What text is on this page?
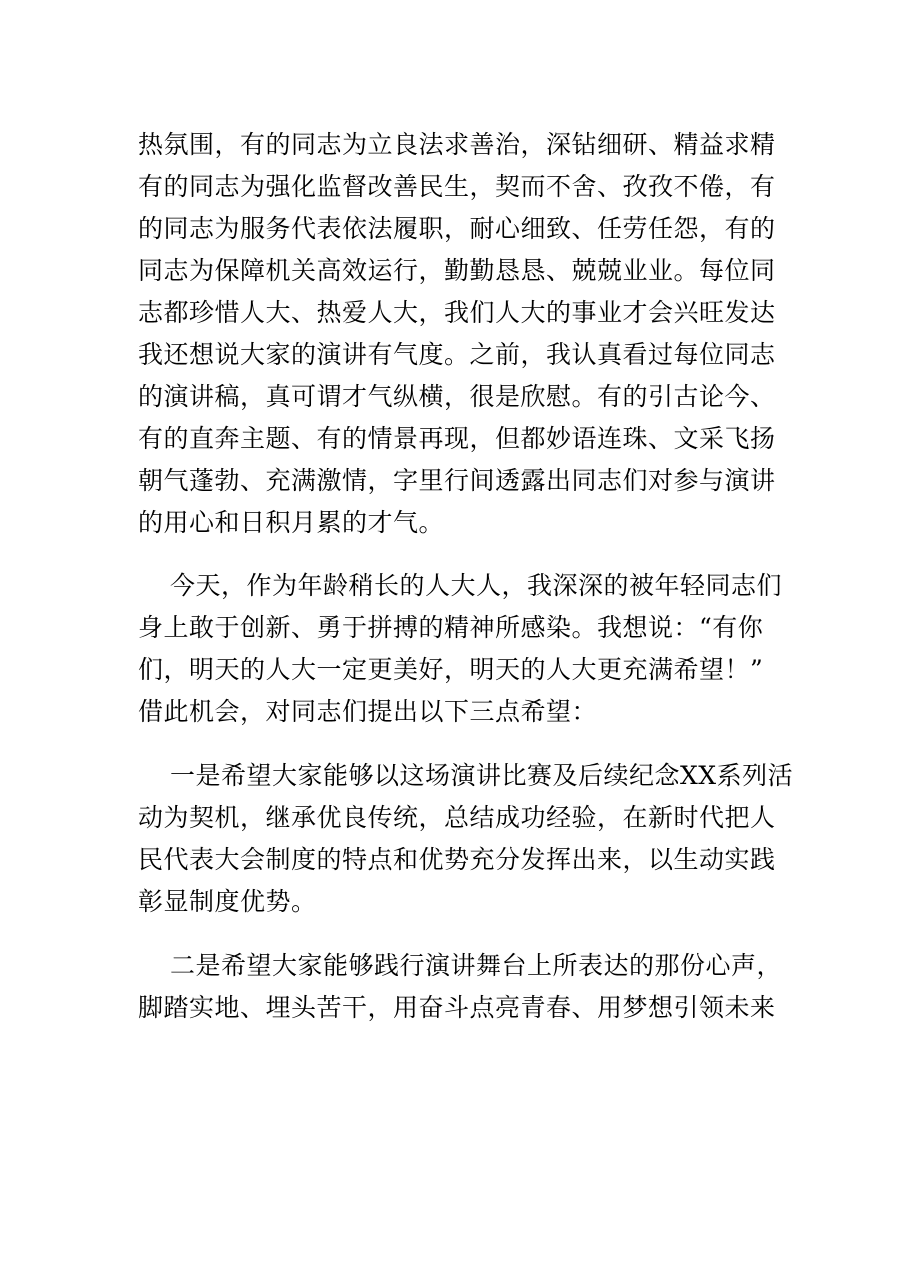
热氛围，有的同志为立良法求善治，深钻细研、精益求精
有的同志为强化监督改善民生，契而不舍、孜孜不倦，有
的同志为服务代表依法履职，耐心细致、任劳任怨，有的
同志为保障机关高效运行，勤勤恳恳、兢兢业业。每位同
志都珍惜人大、热爱人大，我们人大的事业才会兴旺发达
我还想说大家的演讲有气度。之前，我认真看过每位同志
的演讲稿，真可谓才气纵横，很是欣慰。有的引古论今、
有的直奔主题、有的情景再现，但都妙语连珠、文采飞扬
朝气蓬勃、充满激情，字里行间透露出同志们对参与演讲
的用心和日积月累的才气。
今天，作为年龄稍长的人大人，我深深的被年轻同志们
身上敢于创新、勇于拼搏的精神所感染。我想说：“有你
们，明天的人大一定更美好，明天的人大更充满希望！”
借此机会，对同志们提出以下三点希望：
一是希望大家能够以这场演讲比赛及后续纪念XX系列活
动为契机，继承优良传统，总结成功经验，在新时代把人
民代表大会制度的特点和优势充分发挥出来，以生动实践
彰显制度优势。
二是希望大家能够践行演讲舞台上所表达的那份心声，
脚踏实地、埋头苦干，用奋斗点亮青春、用梦想引领未来
